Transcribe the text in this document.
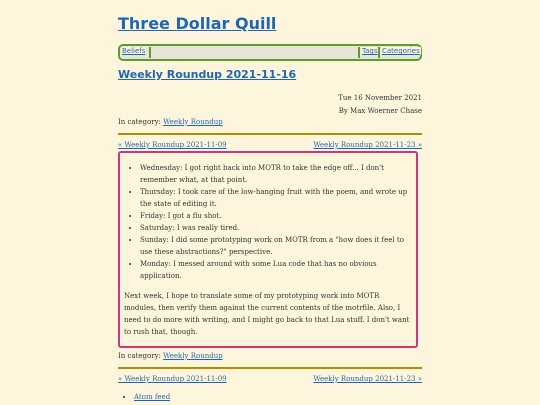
Three Dollar Quill
Beliefs	Tags Categories
Weekly Roundup 2021-11-16
Tue 16 November 2021
By Max Woerner Chase
In category: Weekly Roundup
« Weekly Roundup 2021-11-09	Weekly Roundup 2021-11-23 »
• Wednesday: I got right back into MOTR to take the edge off... I don't remember what, at that point.
• Thursday: I took care of the low-hanging fruit with the poem, and wrote up the state of editing it.
• Friday: I got a flu shot.
• Saturday: I was really tired.
• Sunday: I did some prototyping work on MOTR from a "how does it feel to use these abstractions?" perspective.
• Monday: I messed around with some Lua code that has no obvious application.

Next week, I hope to translate some of my prototyping work into MOTR modules, then verify them against the current contents of the motrfile. Also, I need to do more with writing, and I might go back to that Lua stuff. I don't want to rush that, though.

In category: Weekly Roundup
« Weekly Roundup 2021-11-09	Weekly Roundup 2021-11-23 »
• Atom feed
